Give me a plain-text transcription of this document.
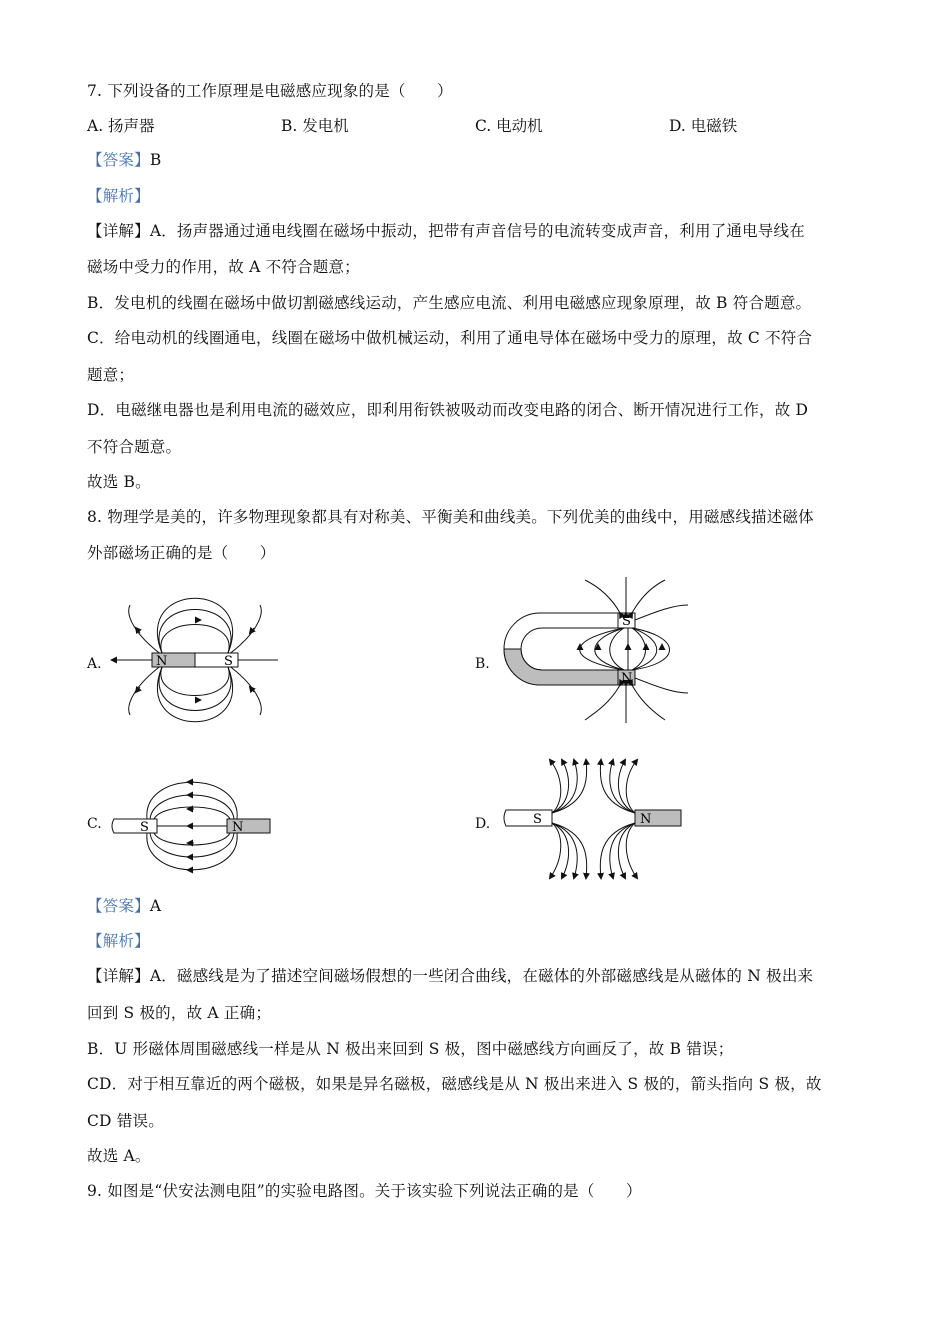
7. 下列设备的工作原理是电磁感应现象的是（　　）
A. 扬声器	B. 发电机	C. 电动机	D. 电磁铁
【答案】B
【解析】
【详解】A．扬声器通过通电线圈在磁场中振动，把带有声音信号的电流转变成声音，利用了通电导线在
磁场中受力的作用，故 A 不符合题意；
B．发电机的线圈在磁场中做切割磁感线运动，产生感应电流、利用电磁感应现象原理，故 B 符合题意。
C．给电动机的线圈通电，线圈在磁场中做机械运动，利用了通电导体在磁场中受力的原理，故 C 不符合
题意；
D．电磁继电器也是利用电流的磁效应，即利用衔铁被吸动而改变电路的闭合、断开情况进行工作，故 D
不符合题意。
故选 B。
8. 物理学是美的，许多物理现象都具有对称美、平衡美和曲线美。下列优美的曲线中，用磁感线描述磁体
外部磁场正确的是（　　）
A.	N	S	B.
S
N
C.	S	N	D.	S	N
【答案】A
【解析】
【详解】A．磁感线是为了描述空间磁场假想的一些闭合曲线，在磁体的外部磁感线是从磁体的 N 极出来
回到 S 极的，故 A 正确；
B．U 形磁体周围磁感线一样是从 N 极出来回到 S 极，图中磁感线方向画反了，故 B 错误；
CD．对于相互靠近的两个磁极，如果是异名磁极，磁感线是从 N 极出来进入 S 极的，箭头指向 S 极，故
CD 错误。
故选 A。
9. 如图是“伏安法测电阻”的实验电路图。关于该实验下列说法正确的是（　　）
